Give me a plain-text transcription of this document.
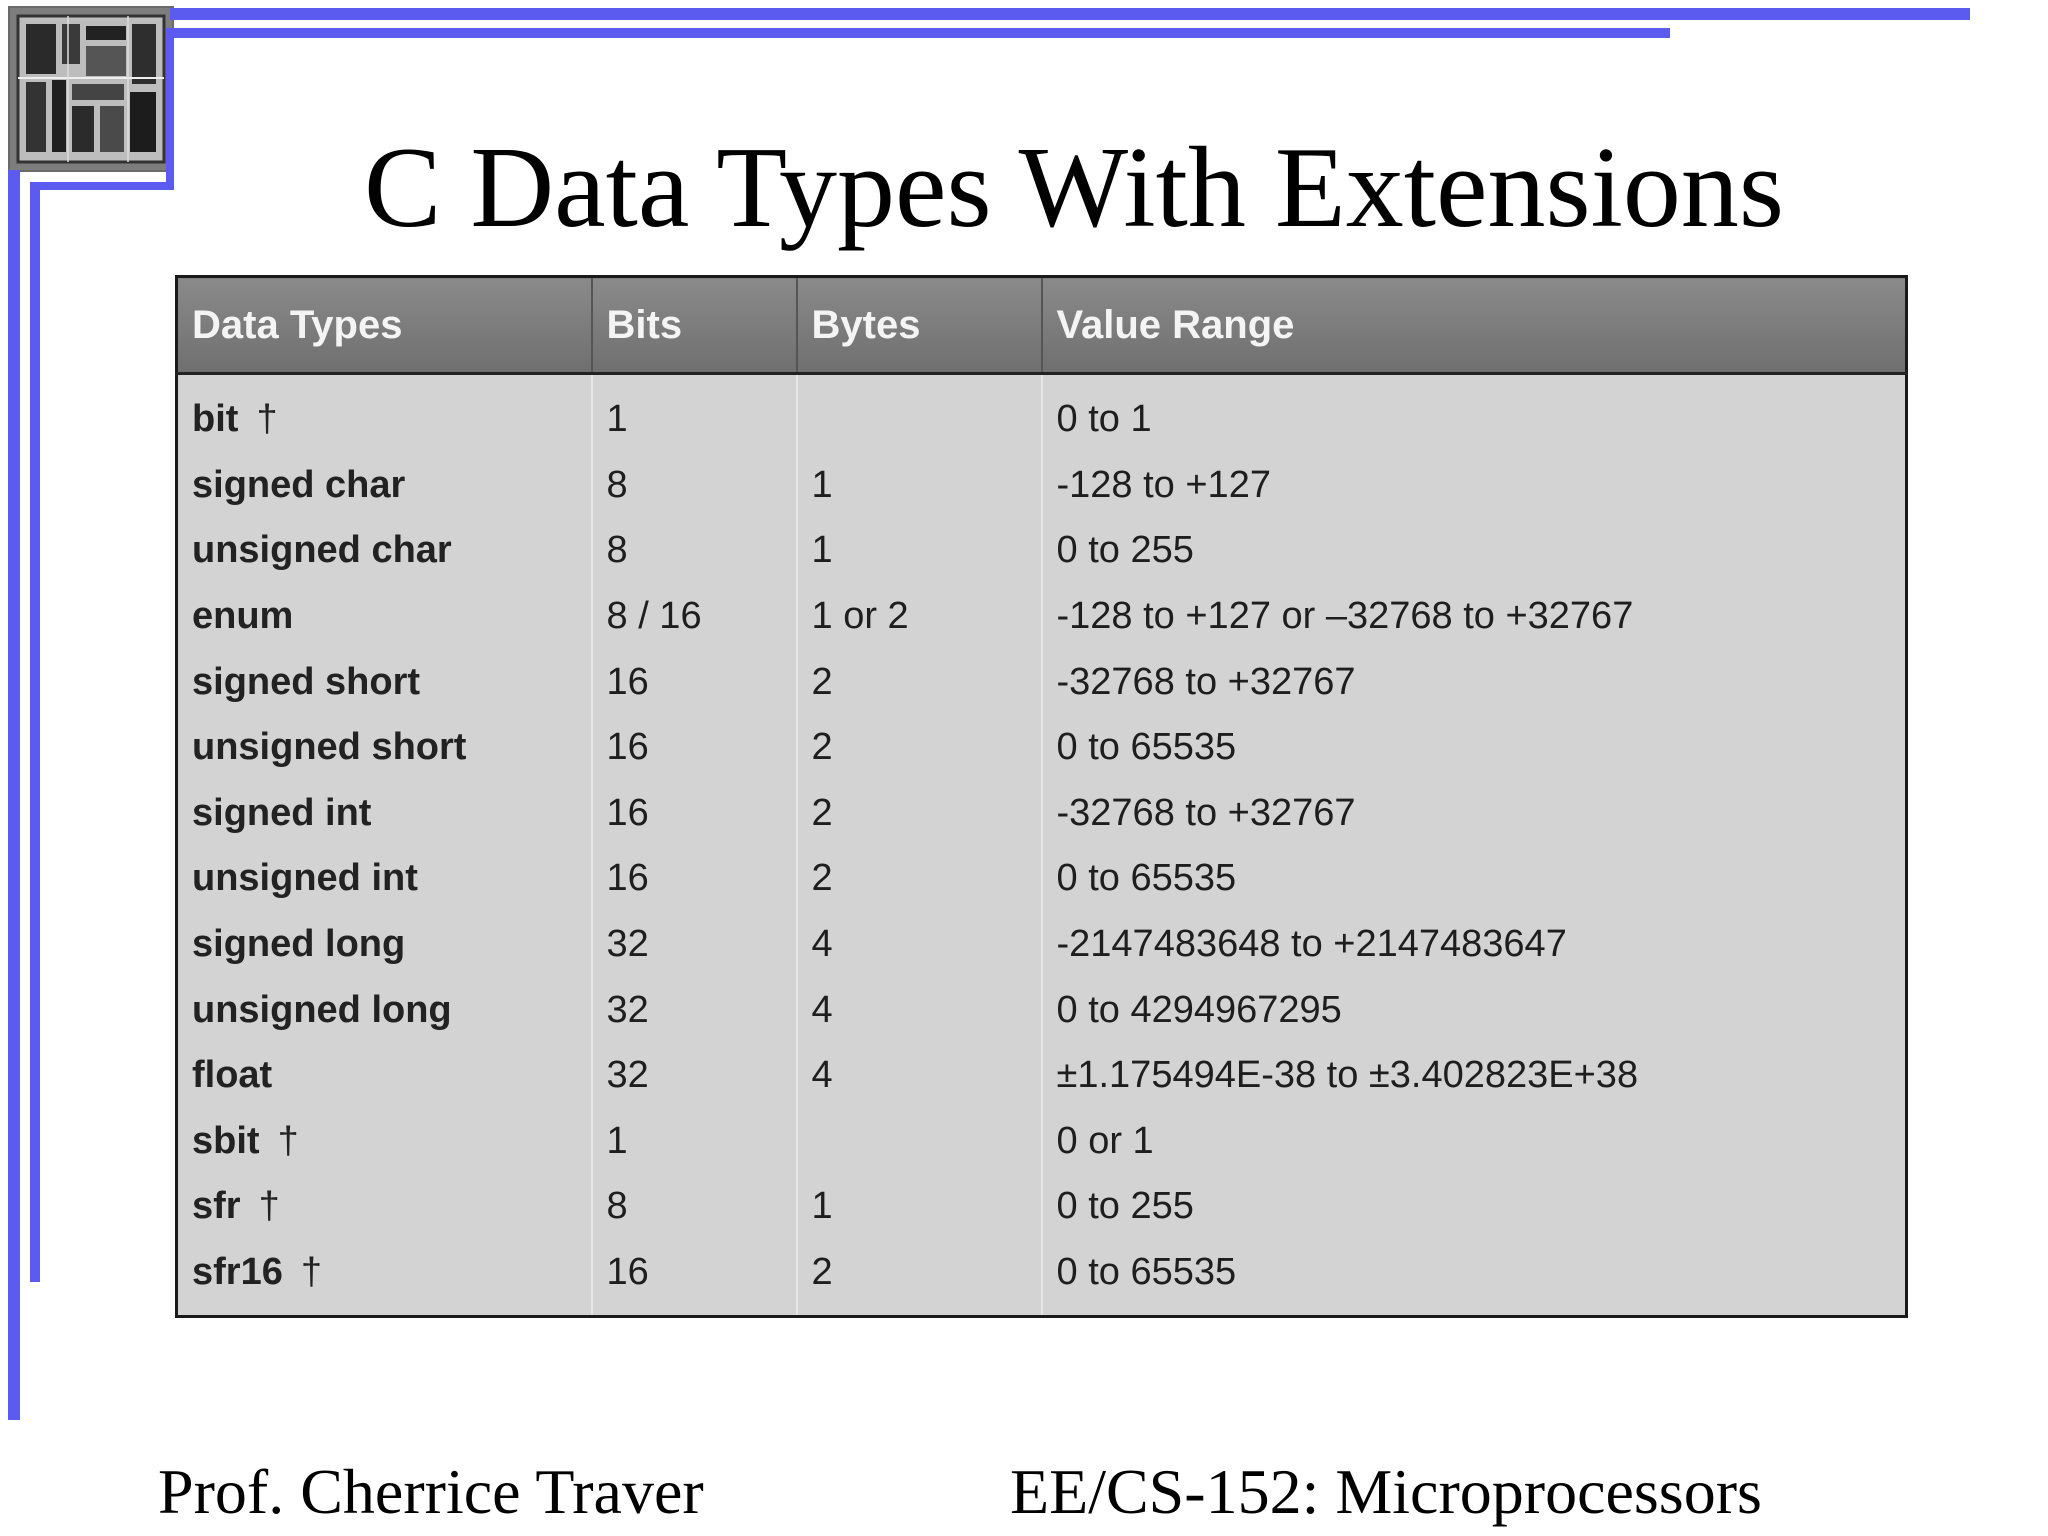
C Data Types With Extensions
Data Types	Bits	Bytes	Value Range
bit †	1		0 to 1
signed char	8	1	-128 to +127
unsigned char	8	1	0 to 255
enum	8 / 16	1 or 2	-128 to +127 or –32768 to +32767
signed short	16	2	-32768 to +32767
unsigned short	16	2	0 to 65535
signed int	16	2	-32768 to +32767
unsigned int	16	2	0 to 65535
signed long	32	4	-2147483648 to +2147483647
unsigned long	32	4	0 to 4294967295
float	32	4	±1.175494E-38 to ±3.402823E+38
sbit †	1		0 or 1
sfr †	8	1	0 to 255
sfr16 †	16	2	0 to 65535
Prof. Cherrice Traver	EE/CS-152: Microprocessors
